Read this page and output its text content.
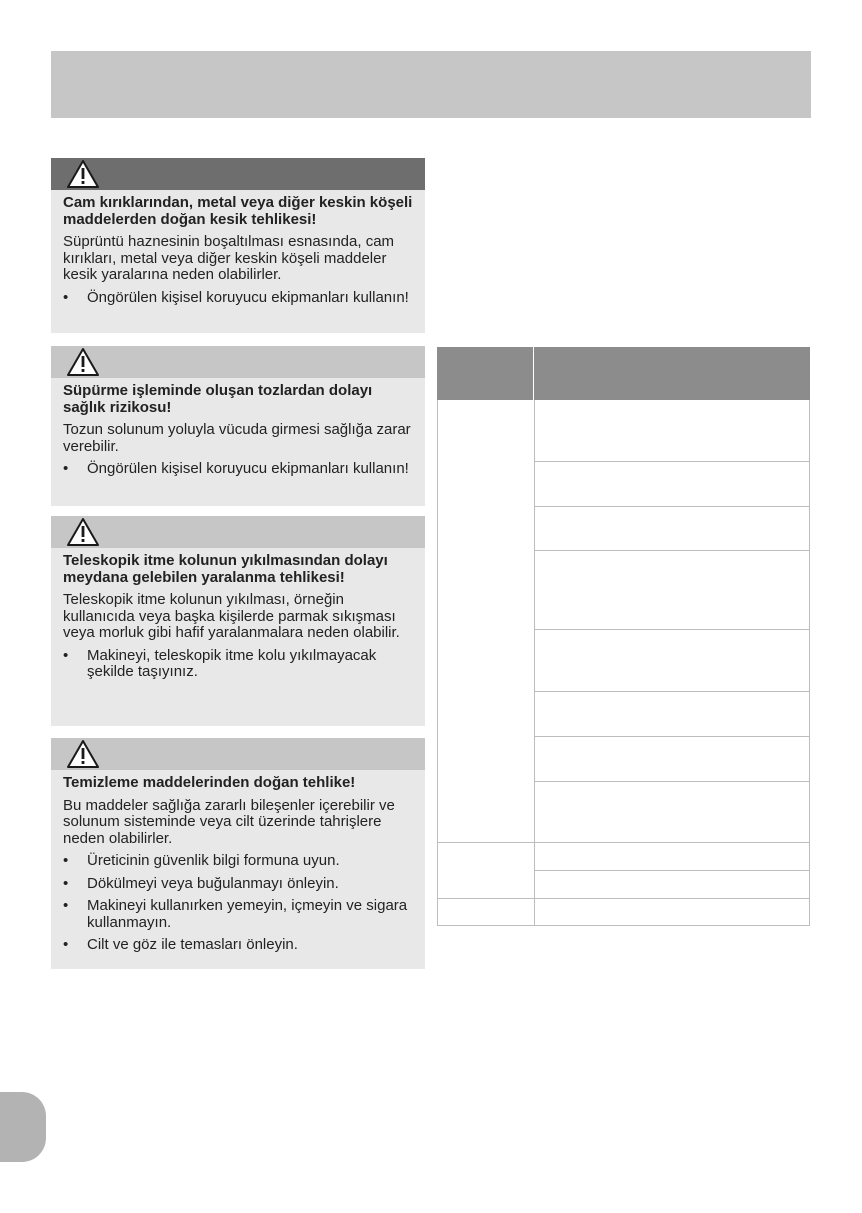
Cam kırıklarından, metal veya diğer keskin köşeli maddelerden doğan kesik tehlikesi!

Süprüntü haznesinin boşaltılması esnasında, cam kırıkları, metal veya diğer keskin köşeli maddeler kesik yaralarına neden olabilirler.

• Öngörülen kişisel koruyucu ekipmanları kullanın!

Süpürme işleminde oluşan tozlardan dolayı sağlık rizikosu!

Tozun solunum yoluyla vücuda girmesi sağlığa zarar verebilir.

• Öngörülen kişisel koruyucu ekipmanları kullanın!

Teleskopik itme kolunun yıkılmasından dolayı meydana gelebilen yaralanma tehlikesi!

Teleskopik itme kolunun yıkılması, örneğin kullanıcıda veya başka kişilerde parmak sıkışması veya morluk gibi hafif yaralanmalara neden olabilir.

• Makineyi, teleskopik itme kolu yıkılmayacak şekilde taşıyınız.

Temizleme maddelerinden doğan tehlike!

Bu maddeler sağlığa zararlı bileşenler içerebilir ve solunum sisteminde veya cilt üzerinde tahrişlere neden olabilirler.

• Üreticinin güvenlik bilgi formuna uyun.
• Dökülmeyi veya buğulanmayı önleyin.
• Makineyi kullanırken yemeyin, içmeyin ve sigara kullanmayın.
• Cilt ve göz ile temasları önleyin.
